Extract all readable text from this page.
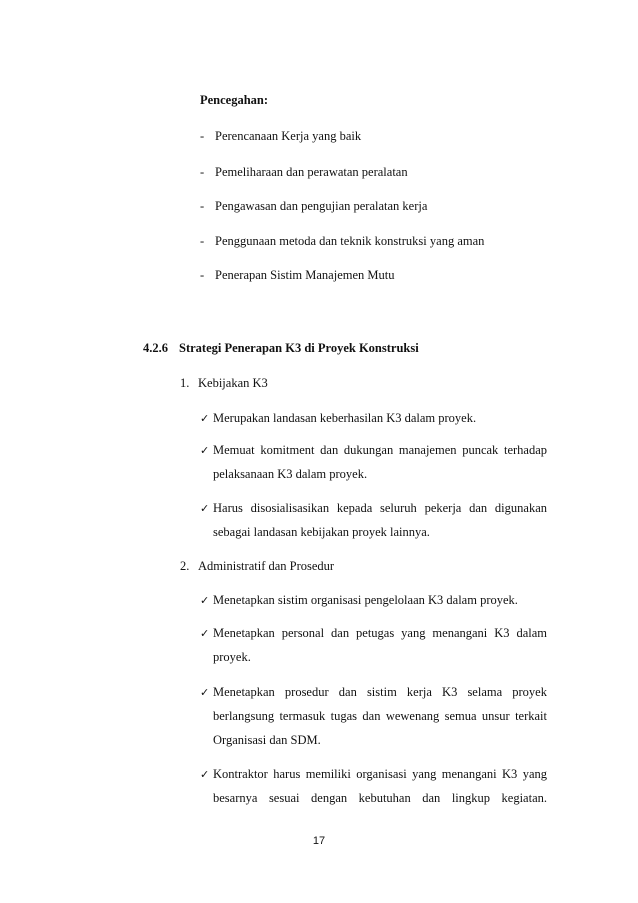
Pencegahan:
- Perencanaan Kerja yang baik
- Pemeliharaan dan perawatan peralatan
- Pengawasan dan pengujian peralatan kerja
- Penggunaan metoda dan teknik konstruksi yang aman
- Penerapan Sistim Manajemen Mutu
4.2.6 Strategi Penerapan K3 di Proyek Konstruksi
1. Kebijakan K3
✓ Merupakan landasan keberhasilan K3 dalam proyek.
✓ Memuat komitment dan dukungan manajemen puncak terhadap
pelaksanaan K3 dalam proyek.
✓ Harus disosialisasikan kepada seluruh pekerja dan digunakan
sebagai landasan kebijakan proyek lainnya.
2. Administratif dan Prosedur
✓ Menetapkan sistim organisasi pengelolaan K3 dalam proyek.
✓ Menetapkan personal dan petugas yang menangani K3 dalam
proyek.
✓ Menetapkan prosedur dan sistim kerja K3 selama proyek
berlangsung termasuk tugas dan wewenang semua unsur terkait
Organisasi dan SDM.
✓ Kontraktor harus memiliki organisasi yang menangani K3 yang
besarnya sesuai dengan kebutuhan dan lingkup kegiatan.
17
